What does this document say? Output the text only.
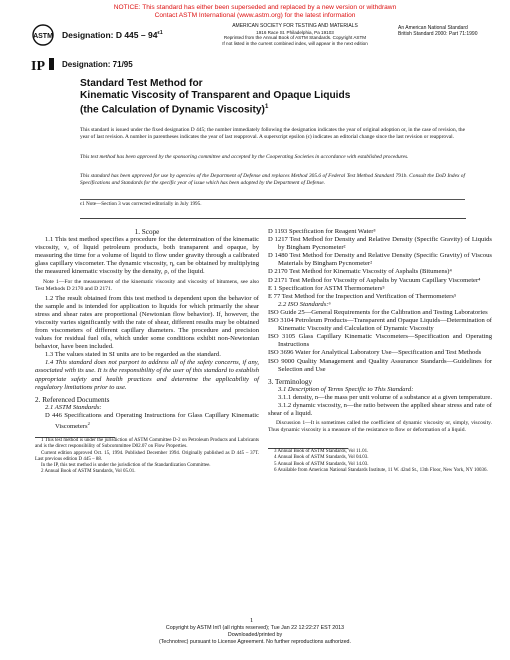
NOTICE: This standard has either been superseded and replaced by a new version or withdrawn
Contact ASTM International (www.astm.org) for the latest information
ASTM Designation: D $445 - 94^{\epsilon 1}$
AMERICAN SOCIETY FOR TESTING AND MATERIALS
1916 Race St. Philadelphia, Pa 19103
Reprinted from the Annual Book of ASTM Standards. Copyright ASTM
If not listed in the current combined index, will appear in the next edition
An American National Standard
British Standard 2000: Part 71:1990
IP Designation: 71/95
Standard Test Method for
Kinematic Viscosity of Transparent and Opaque Liquids
(the Calculation of Dynamic Viscosity)$^1$
This standard is issued under the fixed designation D 445; the number immediately following the designation indicates the year of original adoption or, in the case of revision, the year of last revision. A number in parentheses indicates the year of last reapproval. A superscript epsilon (ϵ) indicates an editorial change since the last revision or reapproval.
This test method has been approved by the sponsoring committee and accepted by the Cooperating Societies in accordance with established procedures.
This standard has been approved for use by agencies of the Department of Defense and replaces Method 305.6 of Federal Test Method Standard 791b. Consult the DoD Index of Specifications and Standards for the specific year of issue which has been adopted by the Department of Defense.
ϵ1 Note—Section 3 was corrected editorially in July 1995.

1. Scope

1.1 This test method specifies a procedure for the determination of the kinematic viscosity, ν, of liquid petroleum products, both transparent and opaque, by measuring the time for a volume of liquid to flow under gravity through a calibrated glass capillary viscometer. The dynamic viscosity, η, can be obtained by multiplying the measured kinematic viscosity by the density, ρ, of the liquid.

Note 1—For the measurement of the kinematic viscosity and viscosity of bitumens, see also Test Methods D 2170 and D 2171.

1.2 The result obtained from this test method is dependent upon the behavior of the sample and is intended for application to liquids for which primarily the shear stress and shear rates are proportional (Newtonian flow behavior). If, however, the viscosity varies significantly with the rate of shear, different results may be obtained from viscometers of different capillary diameters. The procedure and precision values for residual fuel oils, which under some conditions exhibit non-Newtonian behavior, have been included.

1.3 The values stated in SI units are to be regarded as the standard.

1.4 This standard does not purport to address all of the safety concerns, if any, associated with its use. It is the responsibility of the user of this standard to establish appropriate safety and health practices and determine the applicability of regulatory limitations prior to use.

2. Referenced Documents

2.1 ASTM Standards:

D 446 Specifications and Operating Instructions for Glass Capillary Kinematic Viscometers$^2$

1 This test method is under the jurisdiction of ASTM Committee D-2 on Petroleum Products and Lubricants and is the direct responsibility of Subcommittee D02.07 on Flow Properties.

Current edition approved Oct. 15, 1994. Published December 1994. Originally published as D 445 – 37T. Last previous edition D 445 – 88.

In the IP, this test method is under the jurisdiction of the Standardization Committee.

2 Annual Book of ASTM Standards, Vol 05.01.

D 1193 Specification for Reagent Water³

D 1217 Test Method for Density and Relative Density (Specific Gravity) of Liquids by Bingham Pycnometer²

D 1480 Test Method for Density and Relative Density (Specific Gravity) of Viscous Materials by Bingham Pycnometer²

D 2170 Test Method for Kinematic Viscosity of Asphalts (Bitumens)⁴

D 2171 Test Method for Viscosity of Asphalts by Vacuum Capillary Viscometer⁴

E 1 Specification for ASTM Thermometers⁵

E 77 Test Method for the Inspection and Verification of Thermometers⁵

2.2 ISO Standards:⁶

ISO Guide 25—General Requirements for the Calibration and Testing Laboratories

ISO 3104 Petroleum Products—Transparent and Opaque Liquids—Determination of Kinematic Viscosity and Calculation of Dynamic Viscosity

ISO 3105 Glass Capillary Kinematic Viscometers—Specification and Operating Instructions

ISO 3696 Water for Analytical Laboratory Use—Specification and Test Methods

ISO 9000 Quality Management and Quality Assurance Standards—Guidelines for Selection and Use

3. Terminology

3.1 Description of Terms Specific to This Standard:

3.1.1 density, n—the mass per unit volume of a substance at a given temperature.

3.1.2 dynamic viscosity, n—the ratio between the applied shear stress and rate of shear of a liquid.

Discussion 1—It is sometimes called the coefficient of dynamic viscosity or, simply, viscosity. Thus dynamic viscosity is a measure of the resistance to flow or deformation of a liquid.

3 Annual Book of ASTM Standards, Vol 11.01.

4 Annual Book of ASTM Standards, Vol 04.03.

5 Annual Book of ASTM Standards, Vol 14.03.

6 Available from American National Standards Institute, 11 W. 42nd St., 13th Floor, New York, NY 10036.

Copyright by ASTM Int'l (all rights reserved); Tue Jan 22 12:22:27 EST 2013
Downloaded/printed by
(Technotrec) pursuant to License Agreement. No further reproductions authorized.
1
